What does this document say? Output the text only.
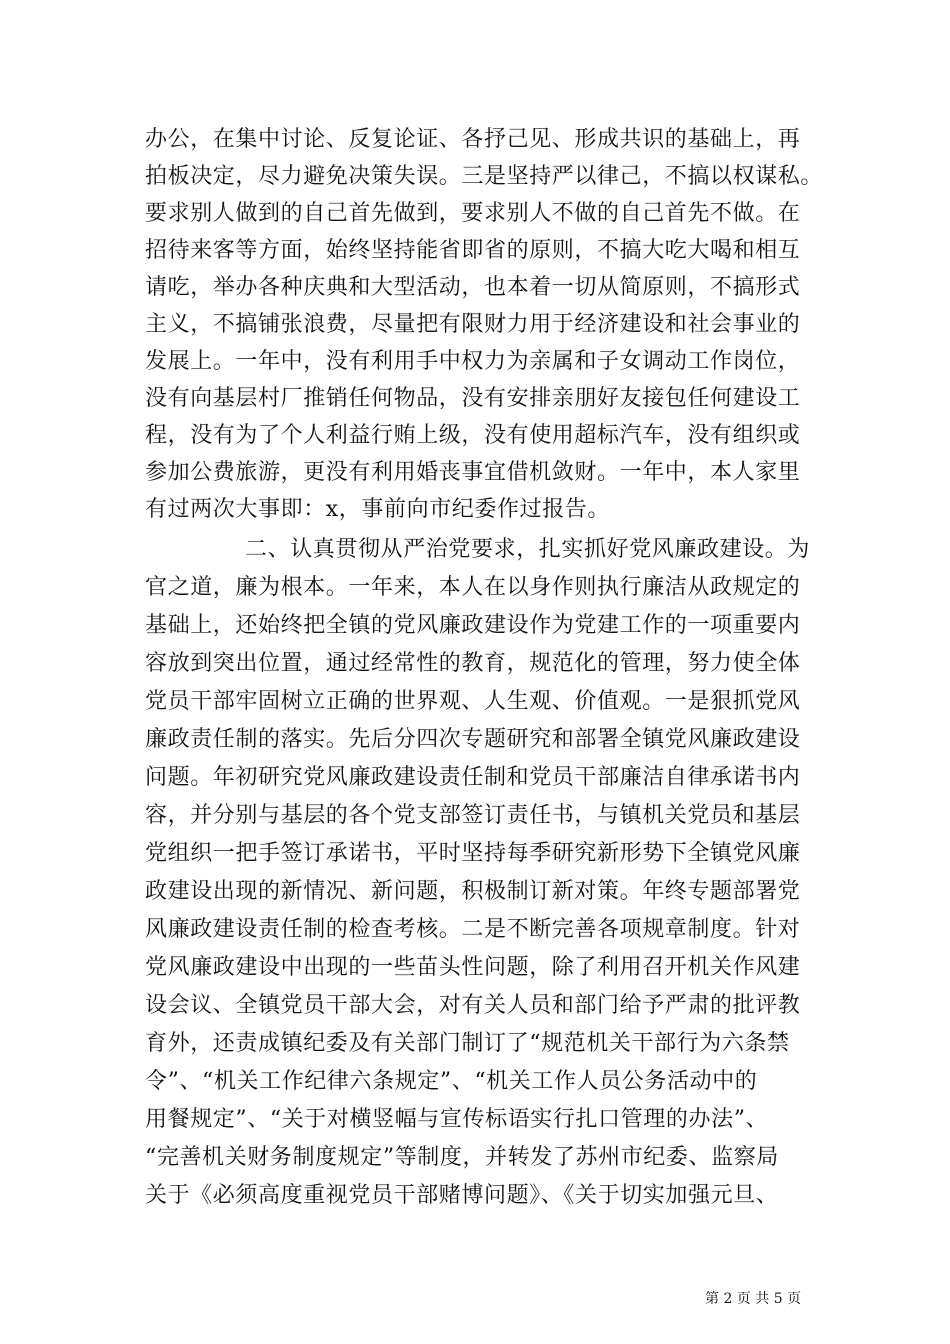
办公，在集中讨论、反复论证、各抒己见、形成共识的基础上，再
拍板决定，尽力避免决策失误。三是坚持严以律己，不搞以权谋私。
要求别人做到的自己首先做到，要求别人不做的自己首先不做。在
招待来客等方面，始终坚持能省即省的原则，不搞大吃大喝和相互
请吃，举办各种庆典和大型活动，也本着一切从简原则，不搞形式
主义，不搞铺张浪费，尽量把有限财力用于经济建设和社会事业的
发展上。一年中，没有利用手中权力为亲属和子女调动工作岗位，
没有向基层村厂推销任何物品，没有安排亲朋好友接包任何建设工
程，没有为了个人利益行贿上级，没有使用超标汽车，没有组织或
参加公费旅游，更没有利用婚丧事宜借机敛财。一年中，本人家里
有过两次大事即：x，事前向市纪委作过报告。
二、认真贯彻从严治党要求，扎实抓好党风廉政建设。为
官之道，廉为根本。一年来，本人在以身作则执行廉洁从政规定的
基础上，还始终把全镇的党风廉政建设作为党建工作的一项重要内
容放到突出位置，通过经常性的教育，规范化的管理，努力使全体
党员干部牢固树立正确的世界观、人生观、价值观。一是狠抓党风
廉政责任制的落实。先后分四次专题研究和部署全镇党风廉政建设
问题。年初研究党风廉政建设责任制和党员干部廉洁自律承诺书内
容，并分别与基层的各个党支部签订责任书，与镇机关党员和基层
党组织一把手签订承诺书，平时坚持每季研究新形势下全镇党风廉
政建设出现的新情况、新问题，积极制订新对策。年终专题部署党
风廉政建设责任制的检查考核。二是不断完善各项规章制度。针对
党风廉政建设中出现的一些苗头性问题，除了利用召开机关作风建
设会议、全镇党员干部大会，对有关人员和部门给予严肃的批评教
育外，还责成镇纪委及有关部门制订了“规范机关干部行为六条禁
令”、“机关工作纪律六条规定”、“机关工作人员公务活动中的
用餐规定”、“关于对横竖幅与宣传标语实行扎口管理的办法”、
“完善机关财务制度规定”等制度，并转发了苏州市纪委、监察局
关于《必须高度重视党员干部赌博问题》、《关于切实加强元旦、
第 2 页 共 5 页
